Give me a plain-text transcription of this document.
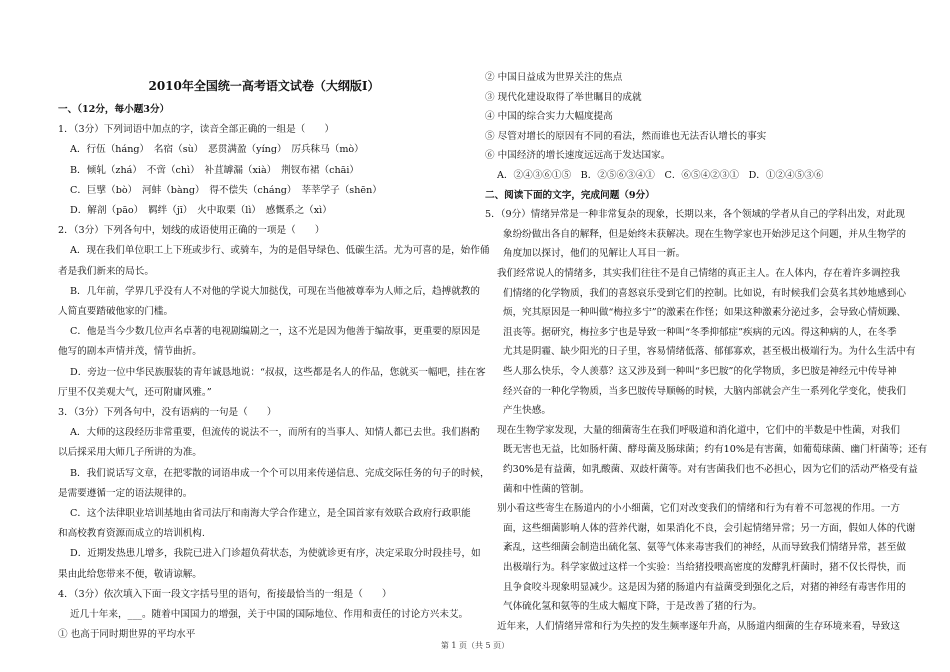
2010年全国统一高考语文试卷（大纲版Ⅰ）
一、（12分，每小题3分）
1．（3分）下列词语中加点的字，读音全部正确的一组是（　　）
A．行伍（háng）　名宿（sù）　恶贯满盈（yíng）　厉兵秣马（mò）
B．倾轧（zhá）　不啻（chì）　补苴罅漏（xià）　荆钗布裙（chāi）
C．巨擘（bò）　河蚌（bàng）　得不偿失（cháng）　莘莘学子（shēn）
D．解剖（pāo）　羁绊（jī）　火中取栗（lì）　感慨系之（xì）
2．（3分）下列各句中，划线的成语使用正确的一项是（　　）
A．现在我们单位职工上下班或步行、或骑车，为的是倡导绿色、低碳生活。尤为可喜的是，始作俑
者是我们新来的局长。
B．几年前，学界几乎没有人不对他的学说大加挞伐，可现在当他被尊奉为人师之后，趋搏就教的
人简直要踏破他家的门槛。
C．他是当今少数几位声名卓著的电视剧编剧之一，这不光是因为他善于编故事，更重要的原因是
他写的剧本声情并茂，情节曲折。
D．旁边一位中华民族服装的青年诚恳地说：“叔叔，这些都是名人的作品，您就买一幅吧，挂在客
厅里不仅美观大气，还可附庸风雅。”
3．（3分）下列各句中，没有语病的一句是（　　）
A．大师的这段经历非常重要，但流传的说法不一，而所有的当事人、知情人都已去世。我们斟酌
以后採采用大师几子所讲的为准。
B．我们说话写文章，在把零散的词语串成一个个可以用来传递信息、完成交际任务的句子的时候，
是需要遵循一定的语法规律的。
C．这个法律职业培训基地由省司法厅和南海大学合作建立，是全国首家有效联合政府行政职能
和高校教育资源而成立的培训机构.
D．近期发热患儿增多，我院已进入门诊超负荷状态，为使就诊更有序，决定采取分时段挂号，如
果由此给您带来不便，敬请谅解。
4．（3分）依次填入下面一段文字括号里的语句，衔接最恰当的一组是（　　）
近几十年来，___。随着中国国力的增强，关于中国的国际地位、作用和责任的讨论方兴未艾。
① 也高于同时期世界的平均水平
② 中国日益成为世界关注的焦点
③ 现代化建设取得了举世瞩目的成就
④ 中国的综合实力大幅度提高
⑤ 尽管对增长的原因有不同的看法，然而谁也无法否认增长的事实
⑥ 中国经济的增长速度远远高于发达国家。
A．②④③⑥①⑤　B．②⑤⑥③④①　C．⑥⑤④②③①　D．①②④⑤③⑥
二、阅读下面的文字，完成问题（9分）
5．（9分）情绪异常是一种非常复杂的现象，长期以来，各个领域的学者从自己的学科出发，对此现
象纷纷做出各自的解释，但是始终未获解决。现在生物学家也开始涉足这个问题，并从生物学的
角度加以探讨，他们的见解让人耳目一新。
我们经常说人的情绪多，其实我们往往不是自己情绪的真正主人。在人体内，存在着许多调控我
们情绪的化学物质，我们的喜怒哀乐受到它们的控制。比如说，有时候我们会莫名其妙地感到心
烦，究其原因是一种叫做“梅拉多宁”的激素在作怪；如果这种激素分泌过多，会导致心情烦躁、
沮丧等。据研究，梅拉多宁也是导致一种叫“冬季抑郁症”疾病的元凶。得这种病的人，在冬季
尤其是阴霾、缺少阳光的日子里，容易情绪低落、郁郁寡欢，甚至极出极端行为。为什么生活中有
些人那么快乐，令人羡慕？这又涉及到一种叫“多巴胺”的化学物质，多巴胺是神经元中传导神
经兴奋的一种化学物质，当多巴胺传导顺畅的时候，大脑内部就会产生一系列化学变化，使我们
产生快感。
现在生物学家发现，大量的细菌寄生在我们呼吸道和消化道中，它们中的半数是中性菌，对我们
既无害也无益，比如肠杆菌、酵母菌及肠球菌；约有10%是有害菌，如葡萄球菌、幽门杆菌等；还有
约30%是有益菌，如乳酸菌、双歧杆菌等。对有害菌我们也不必担心，因为它们的活动严格受有益
菌和中性菌的管制。
别小看这些寄生在肠道内的小小细菌，它们对改变我们的情绪和行为有着不可忽视的作用。一方
面，这些细菌影响人体的营养代谢，如果消化不良，会引起情绪异常；另一方面，假如人体的代谢
紊乱，这些细菌会制造出硫化氢、氨等气体来毒害我们的神经，从而导致我们情绪异常，甚至做
出极端行为。科学家做过这样一个实验：当给猪投喂高密度的发酵乳杆菌时，猪不仅长得快，而
且争食咬斗现象明显减少。这是因为猪的肠道内有益菌受到强化之后，对猪的神经有毒害作用的
气体硫化氢和氨等的生成大幅度下降，于是改善了猪的行为。
近年来，人们情绪异常和行为失控的发生频率逐年升高，从肠道内细菌的生存环境来看，导致这
第 1 页（共 5 页）
